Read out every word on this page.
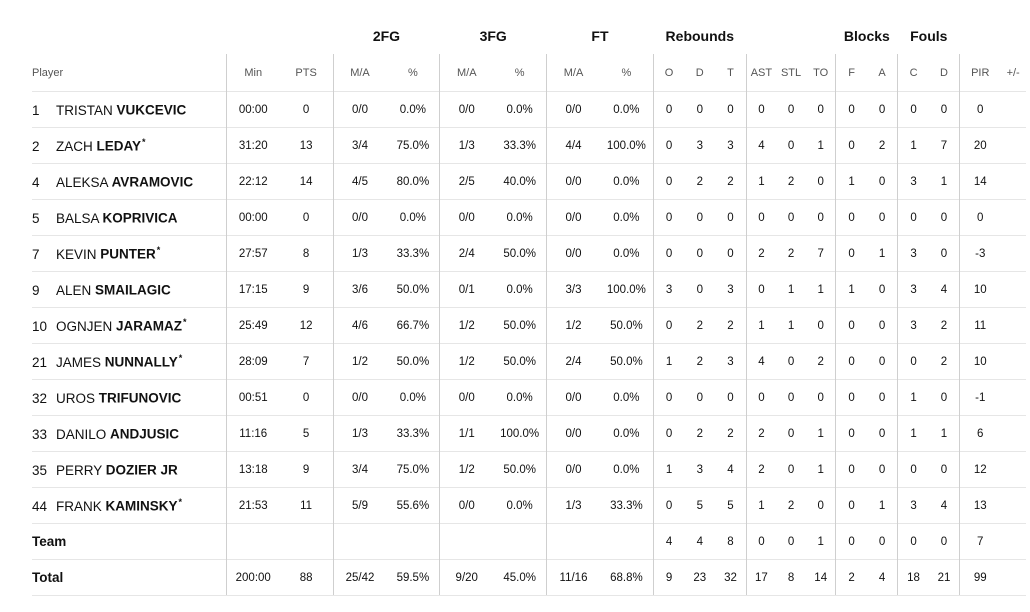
			2FG		3FG		FT		Rebounds						Blocks		Fouls			
Player	Min	PTS	M/A	%	M/A	%	M/A	%	O	D	T	AST	STL	TO	F	A	C	D	PIR	+/-
1 TRISTAN VUKCEVIC	00:00	0	0/0	0.0%	0/0	0.0%	0/0	0.0%	0	0	0	0	0	0	0	0	0	0	0	
2 ZACH LEDAY*	31:20	13	3/4	75.0%	1/3	33.3%	4/4	100.0%	0	3	3	4	0	1	0	2	1	7	20	
4 ALEKSA AVRAMOVIC	22:12	14	4/5	80.0%	2/5	40.0%	0/0	0.0%	0	2	2	1	2	0	1	0	3	1	14	
5 BALSA KOPRIVICA	00:00	0	0/0	0.0%	0/0	0.0%	0/0	0.0%	0	0	0	0	0	0	0	0	0	0	0	
7 KEVIN PUNTER*	27:57	8	1/3	33.3%	2/4	50.0%	0/0	0.0%	0	0	0	2	2	7	0	1	3	0	-3	
9 ALEN SMAILAGIC	17:15	9	3/6	50.0%	0/1	0.0%	3/3	100.0%	3	0	3	0	1	1	1	0	3	4	10	
10 OGNJEN JARAMAZ*	25:49	12	4/6	66.7%	1/2	50.0%	1/2	50.0%	0	2	2	1	1	0	0	0	3	2	11	
21 JAMES NUNNALLY*	28:09	7	1/2	50.0%	1/2	50.0%	2/4	50.0%	1	2	3	4	0	2	0	0	0	2	10	
32 UROS TRIFUNOVIC	00:51	0	0/0	0.0%	0/0	0.0%	0/0	0.0%	0	0	0	0	0	0	0	0	1	0	-1	
33 DANILO ANDJUSIC	11:16	5	1/3	33.3%	1/1	100.0%	0/0	0.0%	0	2	2	2	0	1	0	0	1	1	6	
35 PERRY DOZIER JR	13:18	9	3/4	75.0%	1/2	50.0%	0/0	0.0%	1	3	4	2	0	1	0	0	0	0	12	
44 FRANK KAMINSKY*	21:53	11	5/9	55.6%	0/0	0.0%	1/3	33.3%	0	5	5	1	2	0	0	1	3	4	13	
Team									4	4	8	0	0	1	0	0	0	0	7	
Total	200:00	88	25/42	59.5%	9/20	45.0%	11/16	68.8%	9	23	32	17	8	14	2	4	18	21	99	
